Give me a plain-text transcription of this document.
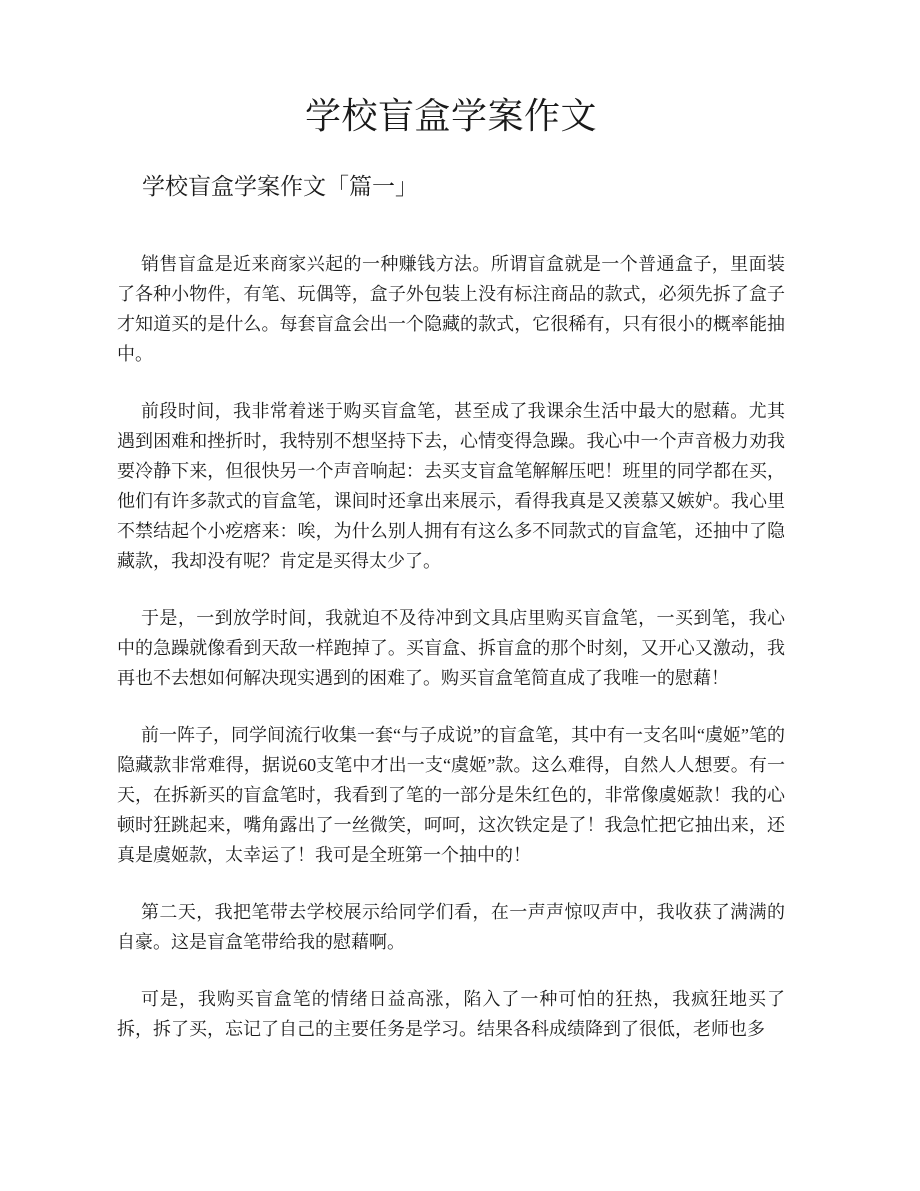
学校盲盒学案作文
学校盲盒学案作文「篇一」

销售盲盒是近来商家兴起的一种赚钱方法。所谓盲盒就是一个普通盒子，里面装了各种小物件，有笔、玩偶等，盒子外包装上没有标注商品的款式，必须先拆了盒子才知道买的是什么。每套盲盒会出一个隐藏的款式，它很稀有，只有很小的概率能抽中。

前段时间，我非常着迷于购买盲盒笔，甚至成了我课余生活中最大的慰藉。尤其遇到困难和挫折时，我特别不想坚持下去，心情变得急躁。我心中一个声音极力劝我要冷静下来，但很快另一个声音响起：去买支盲盒笔解解压吧！班里的同学都在买，他们有许多款式的盲盒笔，课间时还拿出来展示，看得我真是又羡慕又嫉妒。我心里不禁结起个小疙瘩来：唉，为什么别人拥有有这么多不同款式的盲盒笔，还抽中了隐藏款，我却没有呢？肯定是买得太少了。

于是，一到放学时间，我就迫不及待冲到文具店里购买盲盒笔，一买到笔，我心中的急躁就像看到天敌一样跑掉了。买盲盒、拆盲盒的那个时刻，又开心又激动，我再也不去想如何解决现实遇到的困难了。购买盲盒笔简直成了我唯一的慰藉！

前一阵子，同学间流行收集一套“与子成说”的盲盒笔，其中有一支名叫“虞姬”笔的隐藏款非常难得，据说60支笔中才出一支“虞姬”款。这么难得，自然人人想要。有一天，在拆新买的盲盒笔时，我看到了笔的一部分是朱红色的，非常像虞姬款！我的心顿时狂跳起来，嘴角露出了一丝微笑，呵呵，这次铁定是了！我急忙把它抽出来，还真是虞姬款，太幸运了！我可是全班第一个抽中的！

第二天，我把笔带去学校展示给同学们看，在一声声惊叹声中，我收获了满满的自豪。这是盲盒笔带给我的慰藉啊。

可是，我购买盲盒笔的情绪日益高涨，陷入了一种可怕的狂热，我疯狂地买了拆，拆了买，忘记了自己的主要任务是学习。结果各科成绩降到了很低，老师也多
